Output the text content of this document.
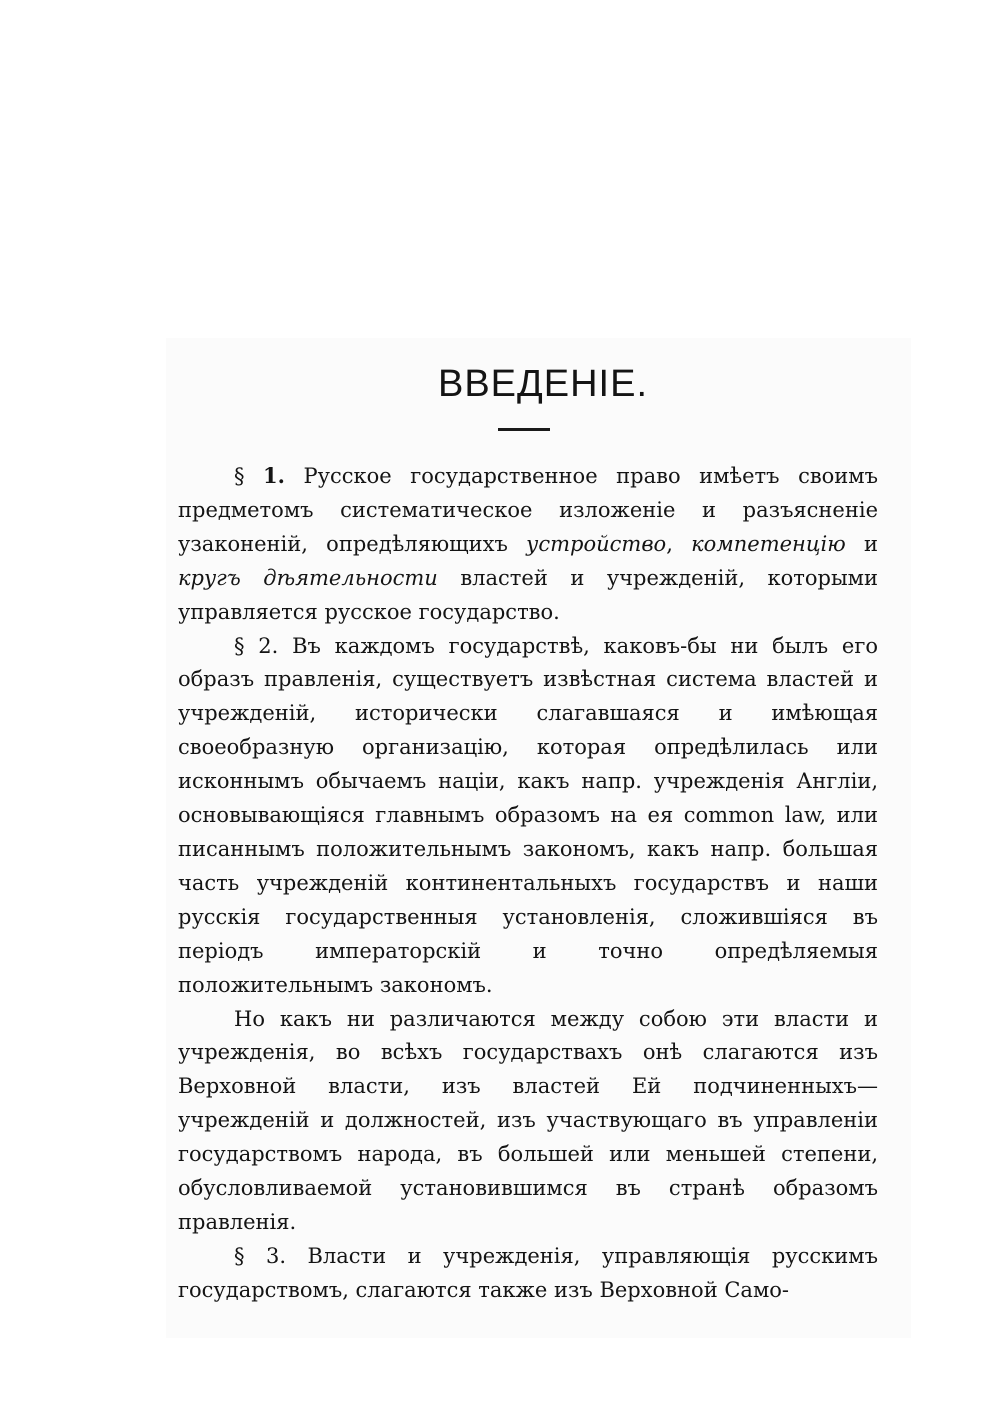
ВВЕДЕНІЕ.

§ 1. Русское государственное право имѣетъ своимъ предметомъ систематическое изложеніе и разъясненіе узаконеній, опредѣляющихъ устройство, компетенцію и кругъ дѣятельности властей и учрежденій, которыми управляется русское государство.

§ 2. Въ каждомъ государствѣ, каковъ-бы ни былъ его образъ правленія, существуетъ извѣстная система властей и учрежденій, исторически слагавшаяся и имѣющая своеобразную организацію, которая опредѣлилась или исконнымъ обычаемъ націи, какъ напр. учрежденія Англіи, основывающіяся главнымъ образомъ на ея common law, или писаннымъ положительнымъ закономъ, какъ напр. большая часть учрежденій континентальныхъ государствъ и наши русскія государственныя установленія, сложившіяся въ періодъ императорскій и точно опредѣляемыя положительнымъ закономъ.

Но какъ ни различаются между собою эти власти и учрежденія, во всѣхъ государствахъ онѣ слагаются изъ Верховной власти, изъ властей Ей подчиненныхъ— учрежденій и должностей, изъ участвующаго въ управленіи государствомъ народа, въ большей или меньшей степени, обусловливаемой установившимся въ странѣ образомъ правленія.

§ 3. Власти и учрежденія, управляющія русскимъ государствомъ, слагаются также изъ Верховной Само-
